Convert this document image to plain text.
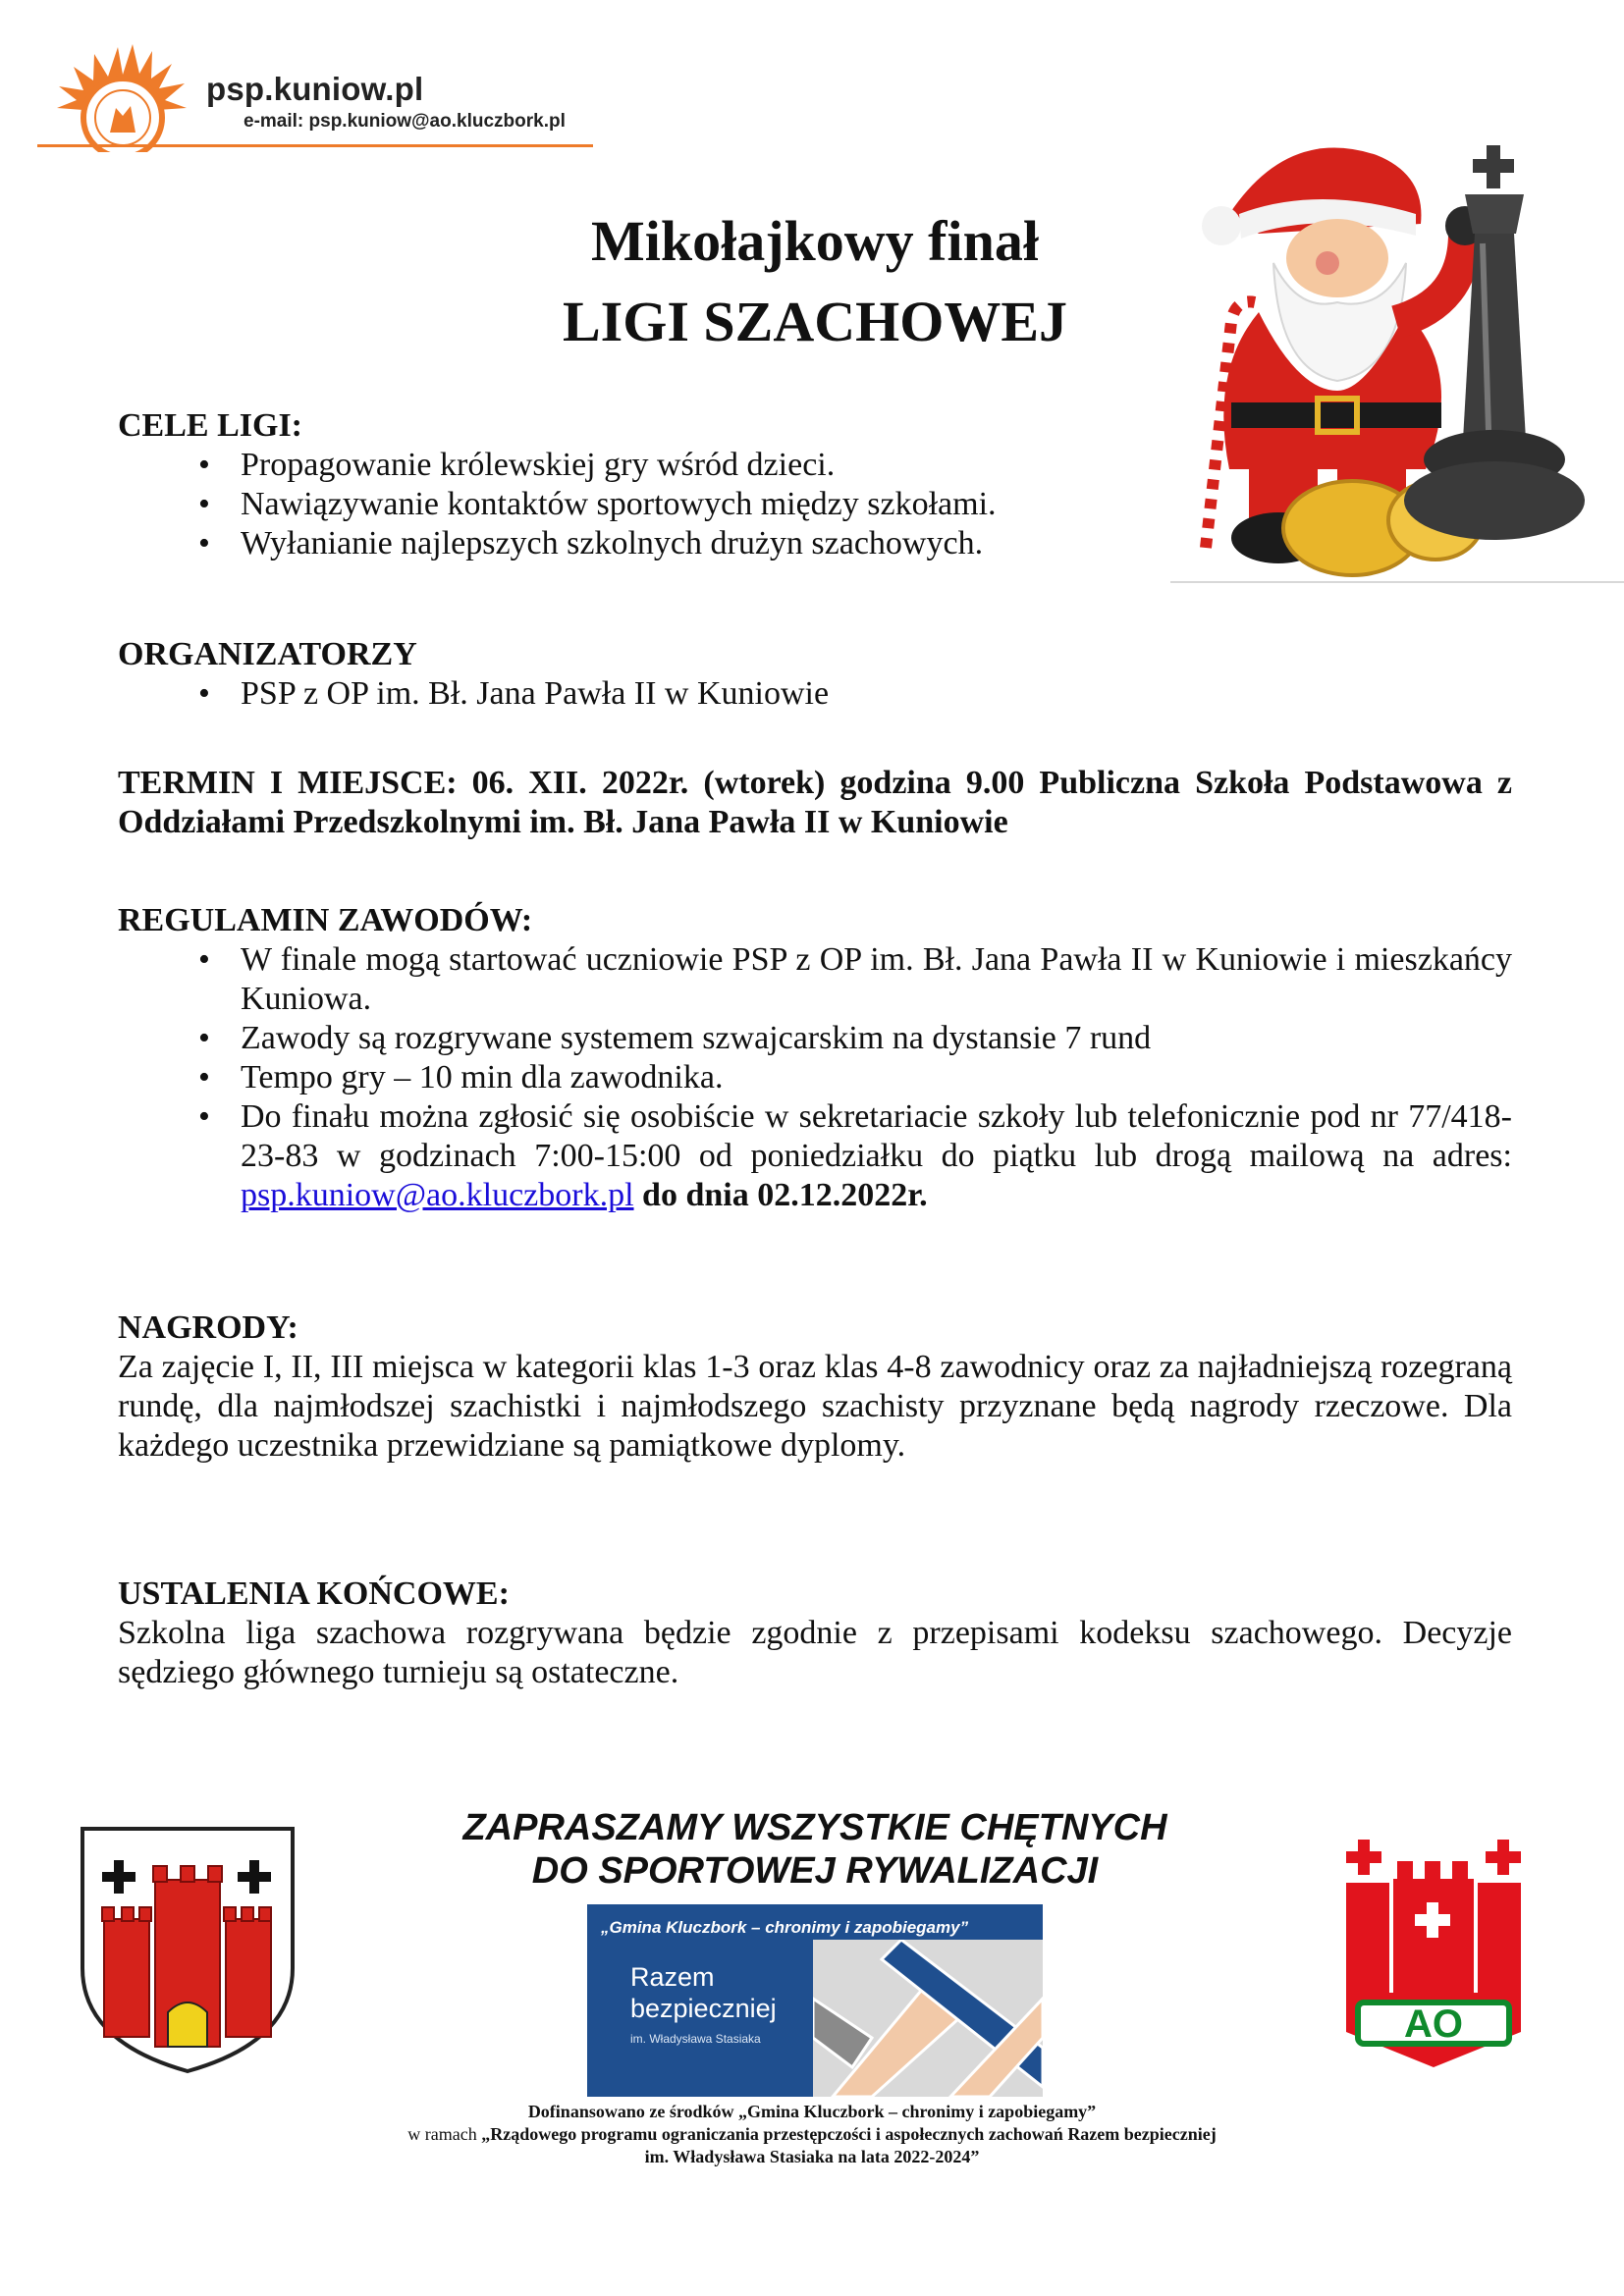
psp.kuniow.pl
e-mail: psp.kuniow@ao.kluczbork.pl
Mikołajkowy finał
LIGI SZACHOWEJ
CELE LIGI:
• Propagowanie królewskiej gry wśród dzieci.
• Nawiązywanie kontaktów sportowych między szkołami.
• Wyłanianie najlepszych szkolnych drużyn szachowych.
ORGANIZATORZY
• PSP z OP im. Bł. Jana Pawła II w Kuniowie
TERMIN I MIEJSCE: 06. XII. 2022r. (wtorek) godzina 9.00 Publiczna Szkoła Podstawowa z Oddziałami Przedszkolnymi im. Bł. Jana Pawła II w Kuniowie
REGULAMIN ZAWODÓW:
• W finale mogą startować uczniowie PSP z OP im. Bł. Jana Pawła II w Kuniowie i mieszkańcy Kuniowa.
• Zawody są rozgrywane systemem szwajcarskim na dystansie 7 rund
• Tempo gry – 10 min dla zawodnika.
• Do finału można zgłosić się osobiście w sekretariacie szkoły lub telefonicznie pod nr 77/418-23-83 w godzinach 7:00-15:00 od poniedziałku do piątku lub drogą mailową na adres: psp.kuniow@ao.kluczbork.pl do dnia 02.12.2022r.
NAGRODY:
Za zajęcie I, II, III miejsca w kategorii klas 1-3 oraz klas 4-8 zawodnicy oraz za najładniejszą rozegraną rundę, dla najmłodszej szachistki i najmłodszego szachisty przyznane będą nagrody rzeczowe. Dla każdego uczestnika przewidziane są pamiątkowe dyplomy.
USTALENIA KOŃCOWE:
Szkolna liga szachowa rozgrywana będzie zgodnie z przepisami kodeksu szachowego. Decyzje sędziego głównego turnieju są ostateczne.
ZAPRASZAMY WSZYSTKIE CHĘTNYCH
DO SPORTOWEJ RYWALIZACJI
„Gmina Kluczbork – chronimy i zapobiegamy”
Razem
bezpieczniej
im. Władysława Stasiaka	AO
Dofinansowano ze środków „Gmina Kluczbork – chronimy i zapobiegamy”
w ramach „Rządowego programu ograniczania przestępczości i aspołecznych zachowań Razem bezpieczniej
im. Władysława Stasiaka na lata 2022-2024”
